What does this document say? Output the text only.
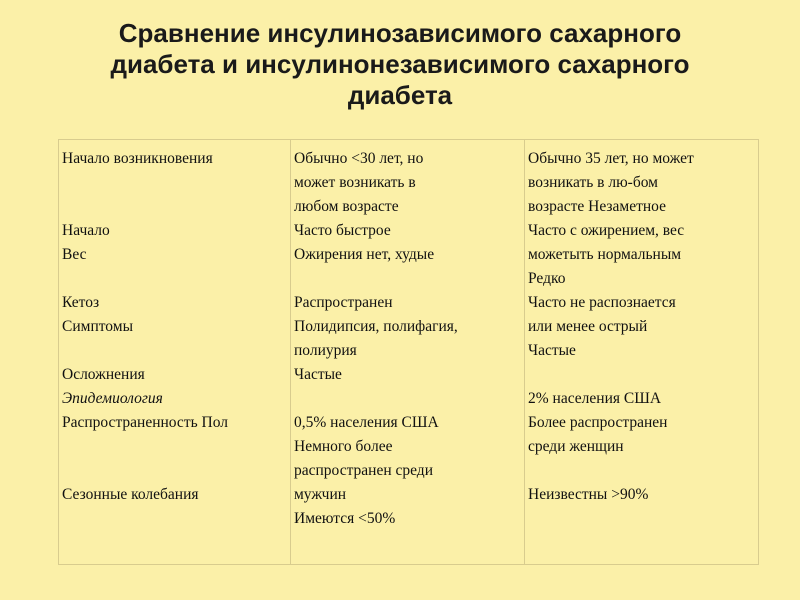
Сравнение инсулинозависимого сахарного
диабета и инсулинонезависимого сахарного
диабета
Начало возникновения
Начало
Вес
Кетоз
Симптомы
Осложнения
Эпидемиология
Распространенность Пол
Сезонные колебания
Обычно <30 лет, но
может возникать в
любом возрасте
Часто быстрое
Ожирения нет, худые
Распространен
Полидипсия, полифагия,
полиурия
Частые
0,5% населения США
Немного более
распространен среди
мужчин
Имеются <50%
Обычно 35 лет, но может
возникать в лю-бом
возрасте Незаметное
Часто с ожирением, вес
можетыть нормальным
Редко
Часто не распознается
или менее острый
Частые
2% населения США
Более распространен
среди женщин
Неизвестны >90%
